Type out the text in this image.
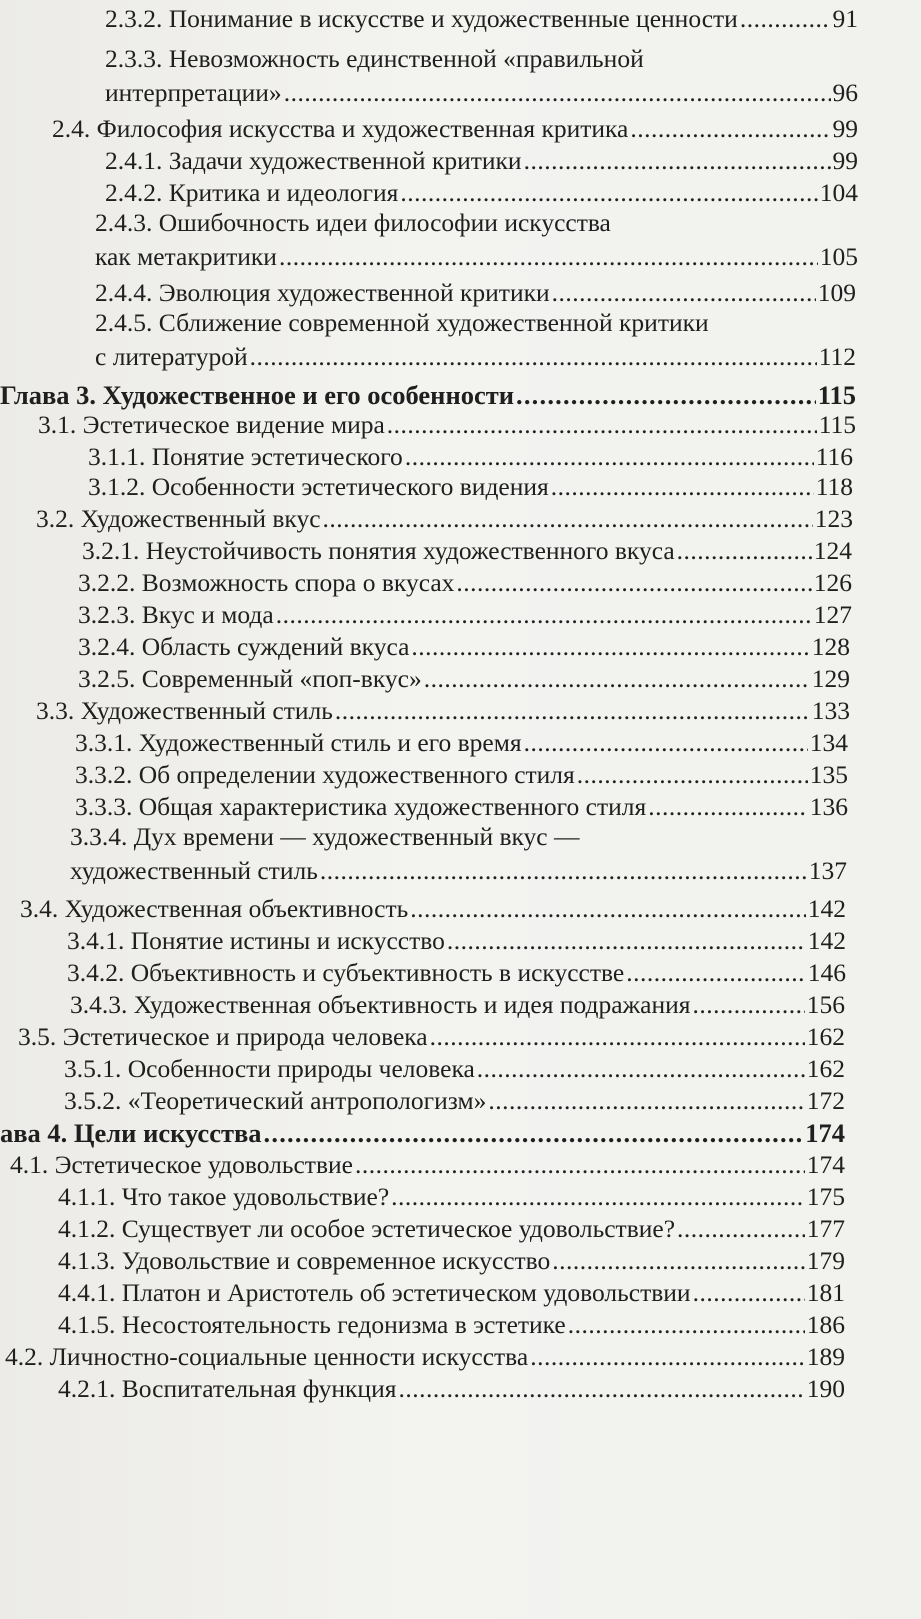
2.3.2. Понимание в искусстве и художественные ценности .....	91
2.3.3. Невозможность единственной «правильной
интерпретации» .....	96
2.4. Философия искусства и художественная критика .....	99
2.4.1. Задачи художественной критики .....	99
2.4.2. Критика и идеология .....	104
2.4.3. Ошибочность идеи философии искусства
как метакритики .....	105
2.4.4. Эволюция художественной критики .....	109
2.4.5. Сближение современной художественной критики
с литературой .....	112
Глава 3. Художественное и его особенности .....	115
3.1. Эстетическое видение мира .....	115
3.1.1. Понятие эстетического .....	116
3.1.2. Особенности эстетического видения .....	118
3.2. Художественный вкус .....	123
3.2.1. Неустойчивость понятия художественного вкуса .....	124
3.2.2. Возможность спора о вкусах .....	126
3.2.3. Вкус и мода .....	127
3.2.4. Область суждений вкуса .....	128
3.2.5. Современный «поп-вкус» .....	129
3.3. Художественный стиль .....	133
3.3.1. Художественный стиль и его время .....	134
3.3.2. Об определении художественного стиля .....	135
3.3.3. Общая характеристика художественного стиля .....	136
3.3.4. Дух времени — художественный вкус —
художественный стиль .....	137
3.4. Художественная объективность .....	142
3.4.1. Понятие истины и искусство .....	142
3.4.2. Объективность и субъективность в искусстве .....	146
3.4.3. Художественная объективность и идея подражания .....	156
3.5. Эстетическое и природа человека .....	162
3.5.1. Особенности природы человека .....	162
3.5.2. «Теоретический антропологизм» .....	172
ава 4. Цели искусства .....	174
4.1. Эстетическое удовольствие .....	174
4.1.1. Что такое удовольствие? .....	175
4.1.2. Существует ли особое эстетическое удовольствие? .....	177
4.1.3. Удовольствие и современное искусство .....	179
4.4.1. Платон и Аристотель об эстетическом удовольствии .....	181
4.1.5. Несостоятельность гедонизма в эстетике .....	186
4.2. Личностно-социальные ценности искусства .....	189
4.2.1. Воспитательная функция .....	190
